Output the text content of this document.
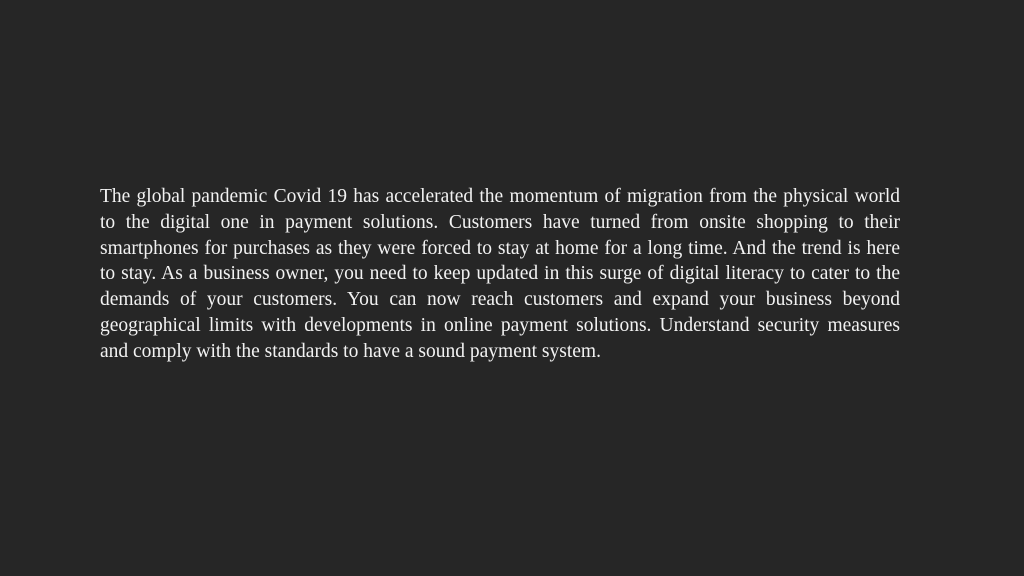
The global pandemic Covid 19 has accelerated the momentum of migration from the physical world to the digital one in payment solutions. Customers have turned from onsite shopping to their smartphones for purchases as they were forced to stay at home for a long time. And the trend is here to stay. As a business owner, you need to keep updated in this surge of digital literacy to cater to the demands of your customers. You can now reach customers and expand your business beyond geographical limits with developments in online payment solutions. Understand security measures and comply with the standards to have a sound payment system.
